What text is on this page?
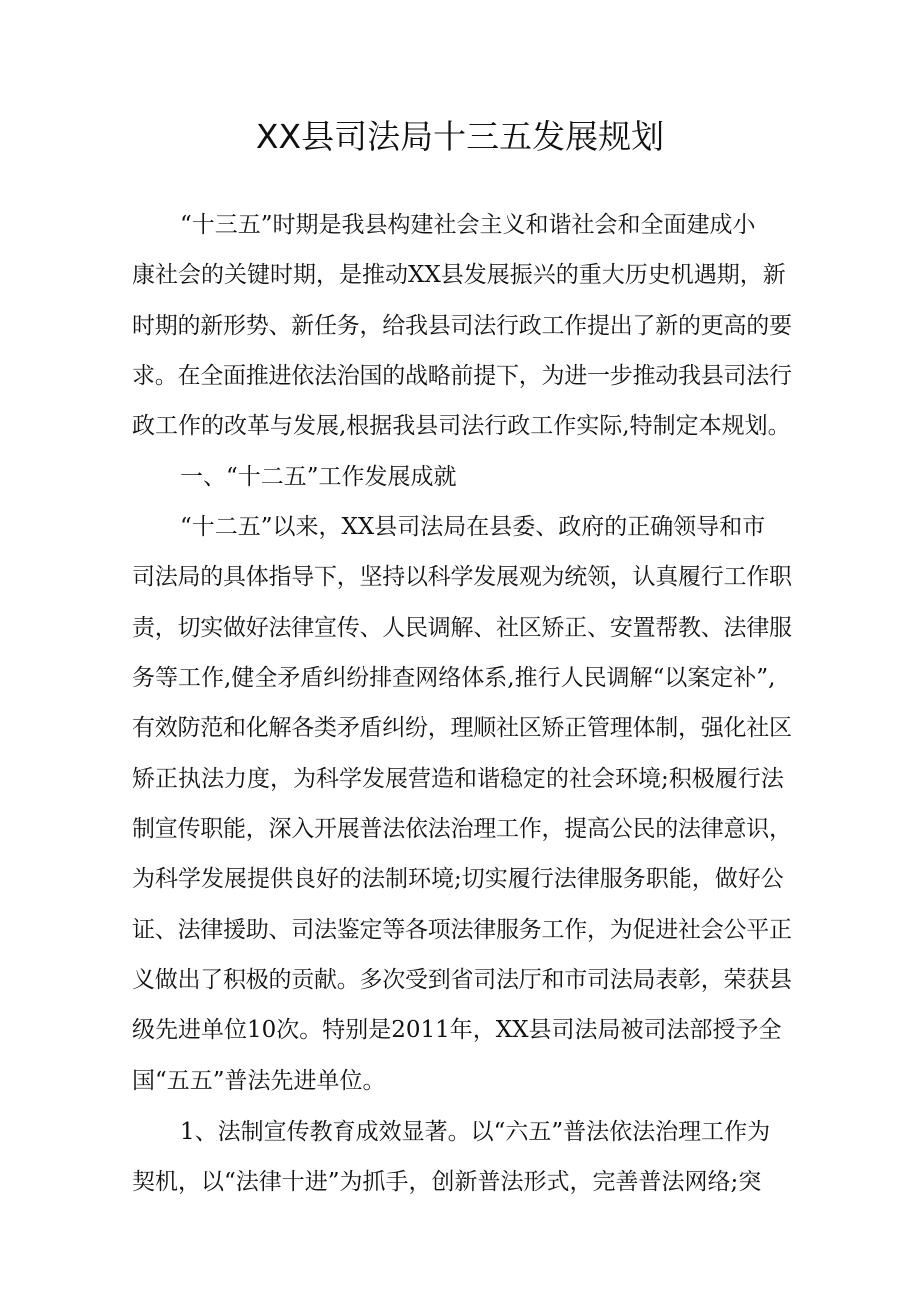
XX县司法局十三五发展规划
“十三五”时期是我县构建社会主义和谐社会和全面建成小
康社会的关键时期，是推动XX县发展振兴的重大历史机遇期，新
时期的新形势、新任务，给我县司法行政工作提出了新的更高的要
求。在全面推进依法治国的战略前提下，为进一步推动我县司法行
政工作的改革与发展,根据我县司法行政工作实际,特制定本规划。
一、“十二五”工作发展成就
“十二五”以来，XX县司法局在县委、政府的正确领导和市
司法局的具体指导下，坚持以科学发展观为统领，认真履行工作职
责，切实做好法律宣传、人民调解、社区矫正、安置帮教、法律服
务等工作,健全矛盾纠纷排查网络体系,推行人民调解“以案定补”,
有效防范和化解各类矛盾纠纷，理顺社区矫正管理体制，强化社区
矫正执法力度，为科学发展营造和谐稳定的社会环境;积极履行法
制宣传职能，深入开展普法依法治理工作，提高公民的法律意识，
为科学发展提供良好的法制环境;切实履行法律服务职能，做好公
证、法律援助、司法鉴定等各项法律服务工作，为促进社会公平正
义做出了积极的贡献。多次受到省司法厅和市司法局表彰，荣获县
级先进单位10次。特别是2011年，XX县司法局被司法部授予全
国“五五”普法先进单位。
1、法制宣传教育成效显著。以“六五”普法依法治理工作为
契机，以“法律十进”为抓手，创新普法形式，完善普法网络;突
